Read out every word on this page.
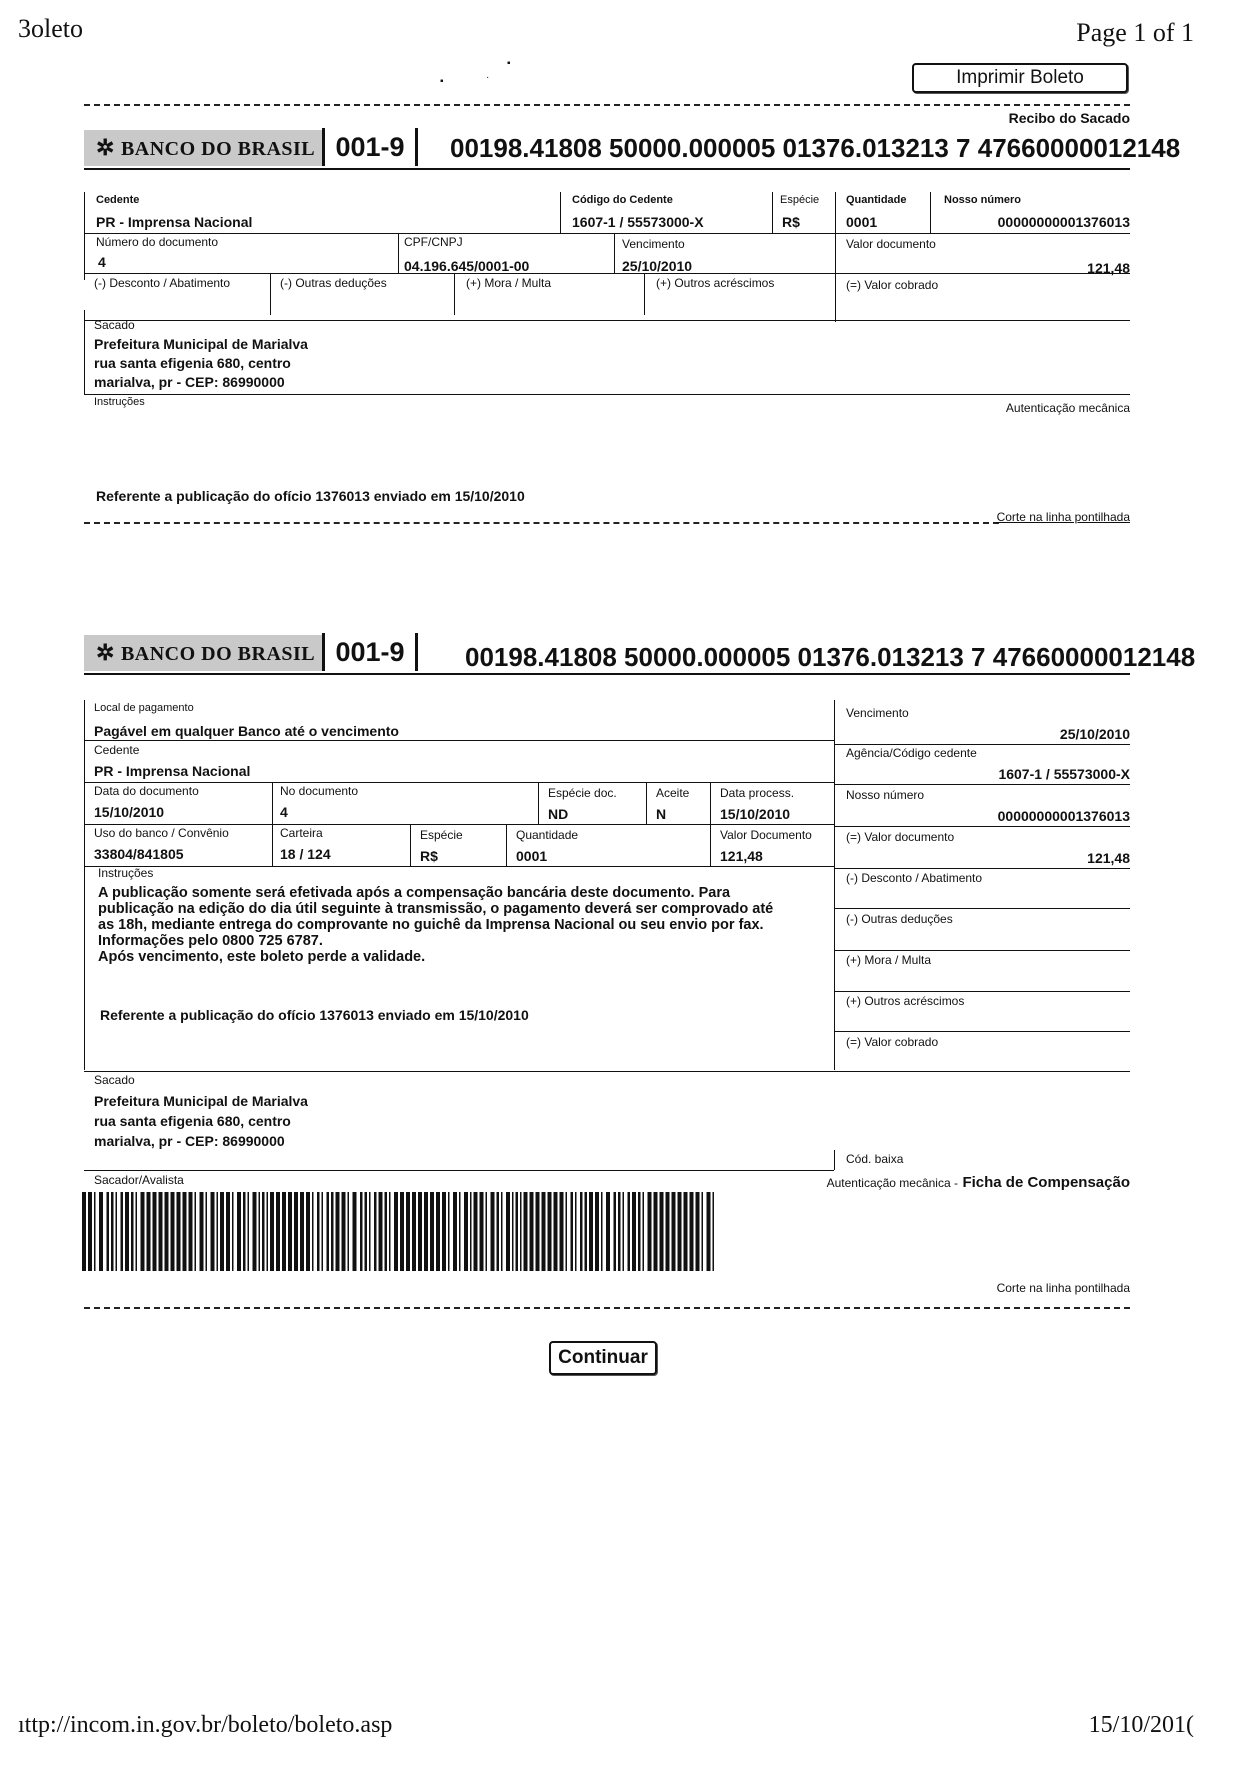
3oleto	Page 1 of 1
Imprimir Boleto
▪	·
▪
Recibo do Sacado
✲ BANCO DO BRASIL 001-9	00198.41808 50000.000005 01376.013213 7 47660000012148
Cedente
PR - Imprensa Nacional
Código do Cedente
1607-1 / 55573000-X
Espécie
R$
Quantidade
0001
Nosso número
00000000001376013
Número do documento
4
CPF/CNPJ
04.196.645/0001-00
Vencimento
25/10/2010
Valor documento
121,48
(-) Desconto / Abatimento	(-) Outras deduções	(+) Mora / Multa	(+) Outros acréscimos	(=) Valor cobrado
Sacado
Prefeitura Municipal de Marialva
rua santa efigenia 680, centro
marialva, pr - CEP: 86990000
Instruções	Autenticação mecânica
Referente a publicação do ofício 1376013 enviado em 15/10/2010
Corte na linha pontilhada
✲ BANCO DO BRASIL 001-9	00198.41808 50000.000005 01376.013213 7 47660000012148
Local de pagamento
Pagável em qualquer Banco até o vencimento
Vencimento
25/10/2010
Cedente
PR - Imprensa Nacional
Agência/Código cedente
1607-1 / 55573000-X
Data do documento
15/10/2010
No documento
4
Espécie doc.
ND
Aceite
N
Data process.
15/10/2010
Nosso número
00000000001376013
Uso do banco / Convênio
33804/841805
Carteira
18 / 124
Espécie
R$
Quantidade
0001
Valor Documento
121,48
(=) Valor documento
121,48
Instruções
A publicação somente será efetivada após a compensação bancária deste documento. Para
publicação na edição do dia útil seguinte à transmissão, o pagamento deverá ser comprovado até
as 18h, mediante entrega do comprovante no guichê da Imprensa Nacional ou seu envio por fax.
Informações pelo 0800 725 6787.
Após vencimento, este boleto perde a validade.
Referente a publicação do ofício 1376013 enviado em 15/10/2010
(-) Desconto / Abatimento
(-) Outras deduções
(+) Mora / Multa
(+) Outros acréscimos
(=) Valor cobrado
Sacado
Prefeitura Municipal de Marialva
rua santa efigenia 680, centro
marialva, pr - CEP: 86990000
Cód. baixa
Sacador/Avalista	Autenticação mecânica - Ficha de Compensação
Corte na linha pontilhada
Continuar
ıttp://incom.in.gov.br/boleto/boleto.asp	15/10/201(
